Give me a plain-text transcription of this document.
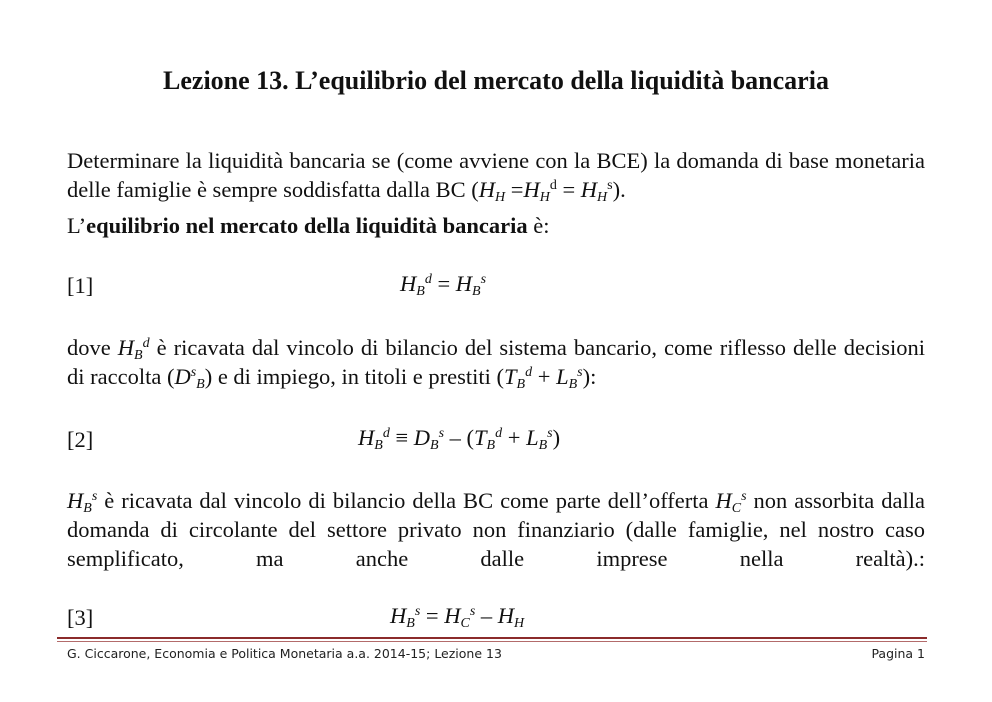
Lezione 13. L’equilibrio del mercato della liquidità bancaria
Determinare la liquidità bancaria se (come avviene con la BCE) la domanda di base monetaria delle famiglie è sempre soddisfatta dalla BC $(H_H =H_H^d = H_H^s)$.
L’equilibrio nel mercato della liquidità bancaria è:
[1]	$H_B^d = H_B^s$
dove $H_B^d$ è ricavata dal vincolo di bilancio del sistema bancario, come riflesso delle decisioni di raccolta $(D^s_B)$ e di impiego, in titoli e prestiti $(T_B^d + L_B^s)$:
[2]	$H_B^d \equiv D_B^s - (T_B^d + L_B^s)$
$H_B^s$ è ricavata dal vincolo di bilancio della BC come parte dell’offerta $H_C^s$ non assorbita dalla domanda di circolante del settore privato non finanziario (dalle famiglie, nel nostro caso semplificato, ma anche dalle imprese nella realtà).:
[3]	$H_B^s = H_C^s - H_H$
G. Ciccarone, Economia e Politica Monetaria a.a. 2014-15; Lezione 13	Pagina 1
